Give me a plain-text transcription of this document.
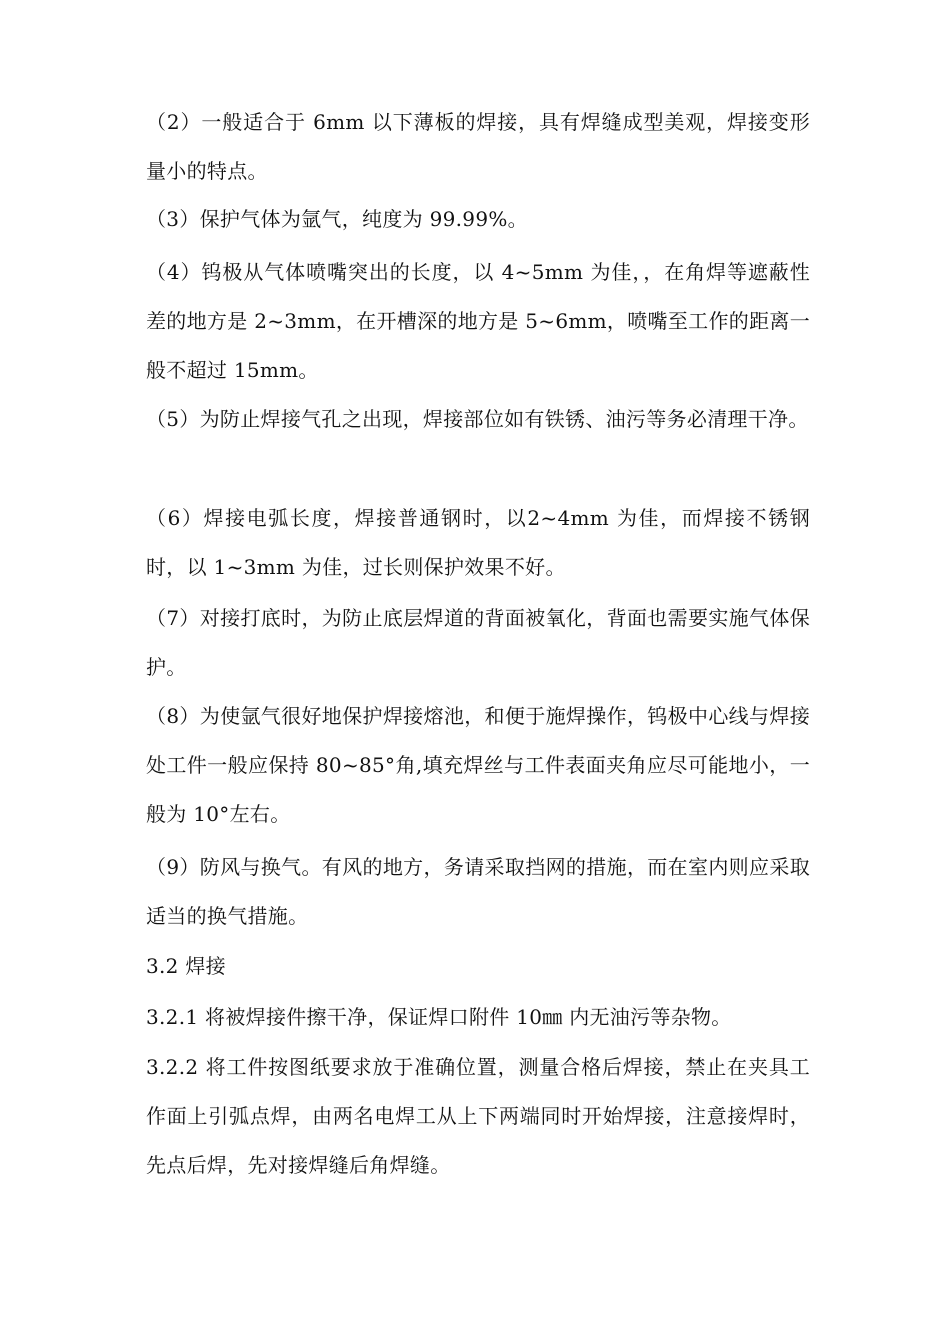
（2）一般适合于 6mm 以下薄板的焊接，具有焊缝成型美观，焊接变形量小的特点。

（3）保护气体为氩气，纯度为 99.99%。

（4）钨极从气体喷嘴突出的长度，以 4~5mm 为佳，，在角焊等遮蔽性差的地方是 2~3mm，在开槽深的地方是 5~6mm，喷嘴至工作的距离一般不超过 15mm。

（5）为防止焊接气孔之出现，焊接部位如有铁锈、油污等务必清理干净。

（6）焊接电弧长度，焊接普通钢时，以2~4mm 为佳，而焊接不锈钢时，以 1~3mm 为佳，过长则保护效果不好。

（7）对接打底时，为防止底层焊道的背面被氧化，背面也需要实施气体保护。

（8）为使氩气很好地保护焊接熔池，和便于施焊操作，钨极中心线与焊接处工件一般应保持 80~85°角,填充焊丝与工件表面夹角应尽可能地小，一般为 10°左右。

（9）防风与换气。有风的地方，务请采取挡网的措施，而在室内则应采取适当的换气措施。

3.2 焊接

3.2.1 将被焊接件擦干净，保证焊口附件 10㎜ 内无油污等杂物。

3.2.2 将工件按图纸要求放于准确位置，测量合格后焊接，禁止在夹具工作面上引弧点焊，由两名电焊工从上下两端同时开始焊接，注意接焊时，先点后焊，先对接焊缝后角焊缝。
